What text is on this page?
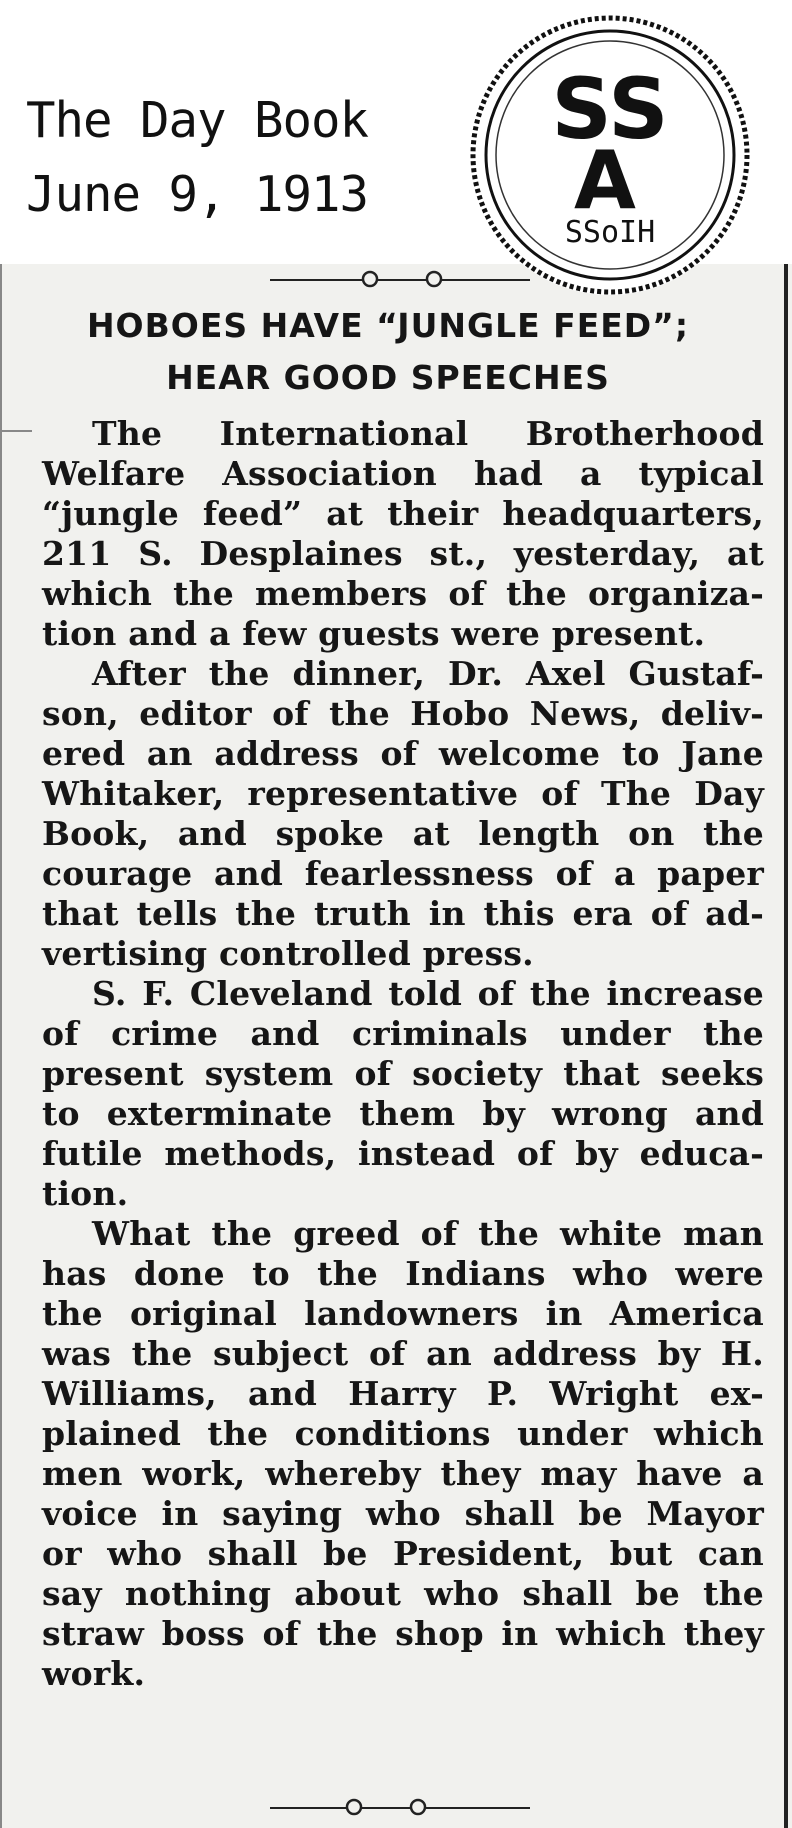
The Day Book
June 9, 1913
SS
A
SSoIH
HOBOES HAVE “JUNGLE FEED”;
HEAR GOOD SPEECHES
The International Brotherhood
Welfare Association had a typical
“jungle feed” at their headquarters,
211 S. Desplaines st., yesterday, at
which the members of the organiza-
tion and a few guests were present.
After the dinner, Dr. Axel Gustaf-
son, editor of the Hobo News, deliv-
ered an address of welcome to Jane
Whitaker, representative of The Day
Book, and spoke at length on the
courage and fearlessness of a paper
that tells the truth in this era of ad-
vertising controlled press.
S. F. Cleveland told of the increase
of crime and criminals under the
present system of society that seeks
to exterminate them by wrong and
futile methods, instead of by educa-
tion.
What the greed of the white man
has done to the Indians who were
the original landowners in America
was the subject of an address by H.
Williams, and Harry P. Wright ex-
plained the conditions under which
men work, whereby they may have a
voice in saying who shall be Mayor
or who shall be President, but can
say nothing about who shall be the
straw boss of the shop in which they
work.
